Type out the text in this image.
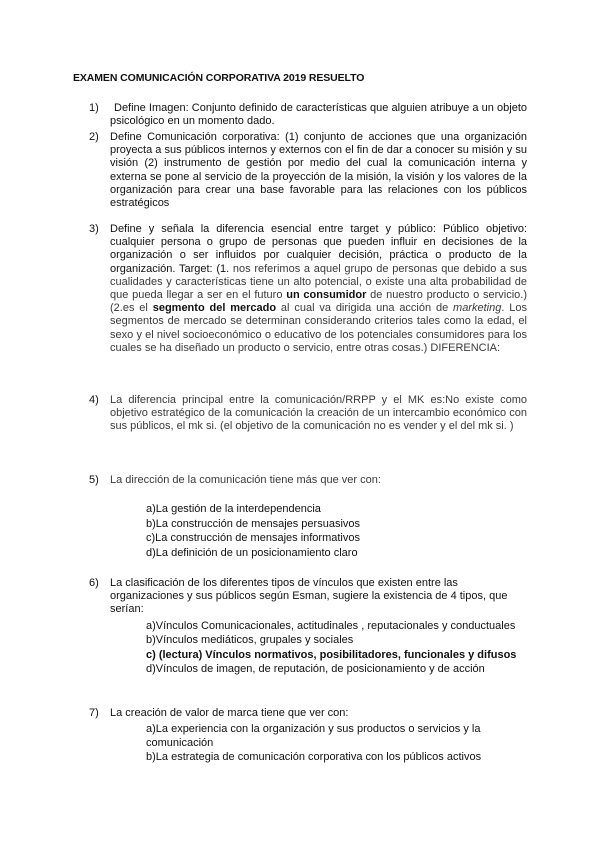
EXAMEN COMUNICACIÓN CORPORATIVA 2019 RESUELTO
1)	Define Imagen: Conjunto definido de características que alguien atribuye a un objeto psicológico en un momento dado.
2) Define Comunicación corporativa: (1) conjunto de acciones que una organización proyecta a sus públicos internos y externos con el fin de dar a conocer su misión y su visión (2) instrumento de gestión por medio del cual la comunicación interna y externa se pone al servicio de la proyección de la misión, la visión y los valores de la organización para crear una base favorable para las relaciones con los públicos estratégicos
3) Define y señala la diferencia esencial entre target y público: Público objetivo: cualquier persona o grupo de personas que pueden influir en decisiones de la organización o ser influidos por cualquier decisión, práctica o producto de la organización. Target: (1. nos referimos a aquel grupo de personas que debido a sus cualidades y características tiene un alto potencial, o existe una alta probabilidad de que pueda llegar a ser en el futuro un consumidor de nuestro producto o servicio.) (2.es el segmento del mercado al cual va dirigida una acción de marketing. Los segmentos de mercado se determinan considerando criterios tales como la edad, el sexo y el nivel socioeconómico o educativo de los potenciales consumidores para los cuales se ha diseñado un producto o servicio, entre otras cosas.) DIFERENCIA:
4) La diferencia principal entre la comunicación/RRPP y el MK es:No existe como objetivo estratégico de la comunicación la creación de un intercambio económico con sus públicos, el mk si. (el objetivo de la comunicación no es vender y el del mk si. )
5) La dirección de la comunicación tiene más que ver con:
a)La gestión de la interdependencia
b)La construcción de mensajes persuasivos
c)La construcción de mensajes informativos
d)La definición de un posicionamiento claro
6) La clasificación de los diferentes tipos de vínculos que existen entre las organizaciones y sus públicos según Esman, sugiere la existencia de 4 tipos, que serían:
a)Vínculos Comunicacionales, actitudinales , reputacionales y conductuales
b)Vínculos mediáticos, grupales y sociales
c) (lectura) Vínculos normativos, posibilitadores, funcionales y difusos
d)Vínculos de imagen, de reputación, de posicionamiento y de acción
7) La creación de valor de marca tiene que ver con:
a)La experiencia con la organización y sus productos o servicios y la comunicación
b)La estrategia de comunicación corporativa con los públicos activos
